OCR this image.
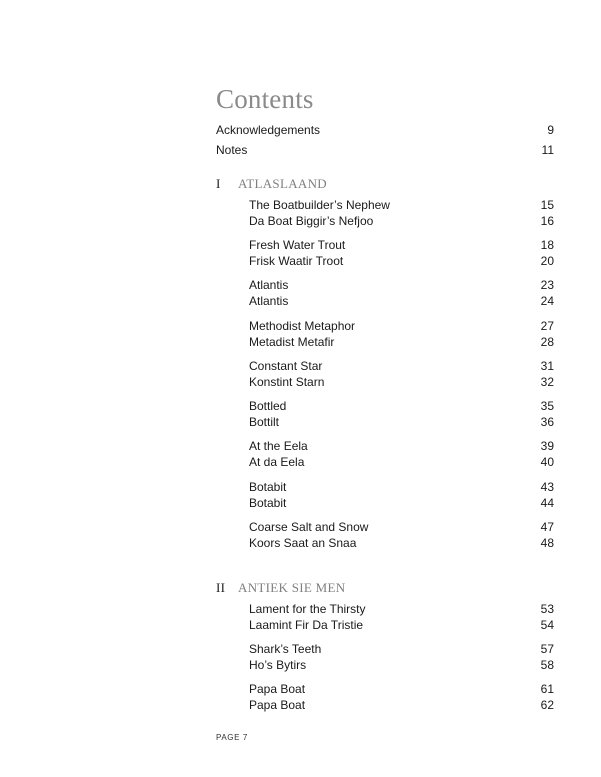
Contents
Acknowledgements	9
Notes	11
I ATLASLAAND
The Boatbuilder’s Nephew	15
Da Boat Biggir’s Nefjoo	16
Fresh Water Trout	18
Frisk Waatir Troot	20
Atlantis	23
Atlantis	24
Methodist Metaphor	27
Metadist Metafir	28
Constant Star	31
Konstint Starn	32
Bottled	35
Bottilt	36
At the Eela	39
At da Eela	40
Botabit	43
Botabit	44
Coarse Salt and Snow	47
Koors Saat an Snaa	48
II ANTIEK SIE MEN
Lament for the Thirsty	53
Laamint Fir Da Tristie	54
Shark’s Teeth	57
Ho’s Bytirs	58
Papa Boat	61
Papa Boat	62
PAGE 7
